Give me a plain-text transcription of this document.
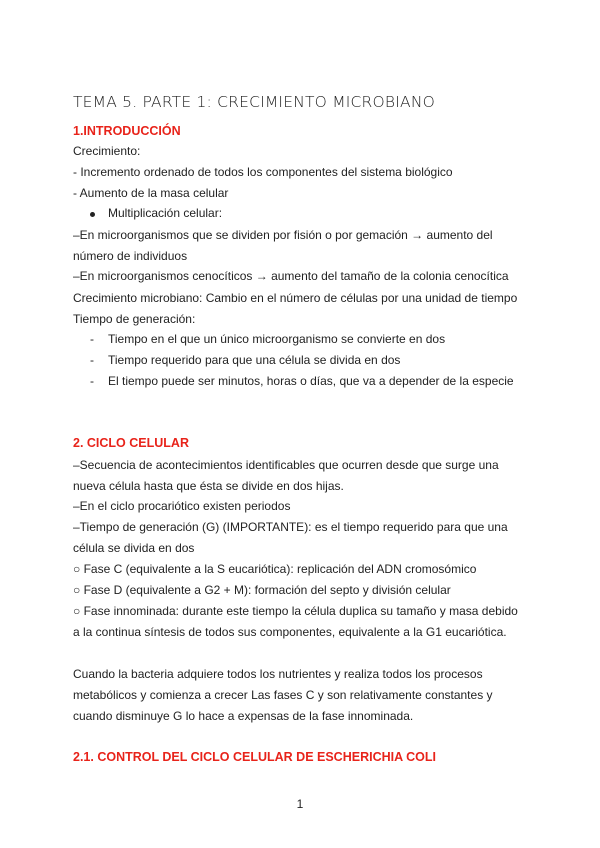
TEMA 5. PARTE 1: CRECIMIENTO MICROBIANO
1.INTRODUCCIÓN
Crecimiento:
- Incremento ordenado de todos los componentes del sistema biológico
- Aumento de la masa celular
Multiplicación celular:
–En microorganismos que se dividen por fisión o por gemación → aumento del
número de individuos
–En microorganismos cenocíticos → aumento del tamaño de la colonia cenocítica
Crecimiento microbiano: Cambio en el número de células por una unidad de tiempo
Tiempo de generación:
- Tiempo en el que un único microorganismo se convierte en dos
- Tiempo requerido para que una célula se divida en dos
- El tiempo puede ser minutos, horas o días, que va a depender de la especie
2. CICLO CELULAR
–Secuencia de acontecimientos identificables que ocurren desde que surge una
nueva célula hasta que ésta se divide en dos hijas.
–En el ciclo procariótico existen periodos
–Tiempo de generación (G) (IMPORTANTE): es el tiempo requerido para que una
célula se divida en dos
○ Fase C (equivalente a la S eucariótica): replicación del ADN cromosómico
○ Fase D (equivalente a G2 + M): formación del septo y división celular
○ Fase innominada: durante este tiempo la célula duplica su tamaño y masa debido
a la continua síntesis de todos sus componentes, equivalente a la G1 eucariótica.
Cuando la bacteria adquiere todos los nutrientes y realiza todos los procesos
metabólicos y comienza a crecer Las fases C y son relativamente constantes y
cuando disminuye G lo hace a expensas de la fase innominada.
2.1. CONTROL DEL CICLO CELULAR DE ESCHERICHIA COLI
1
